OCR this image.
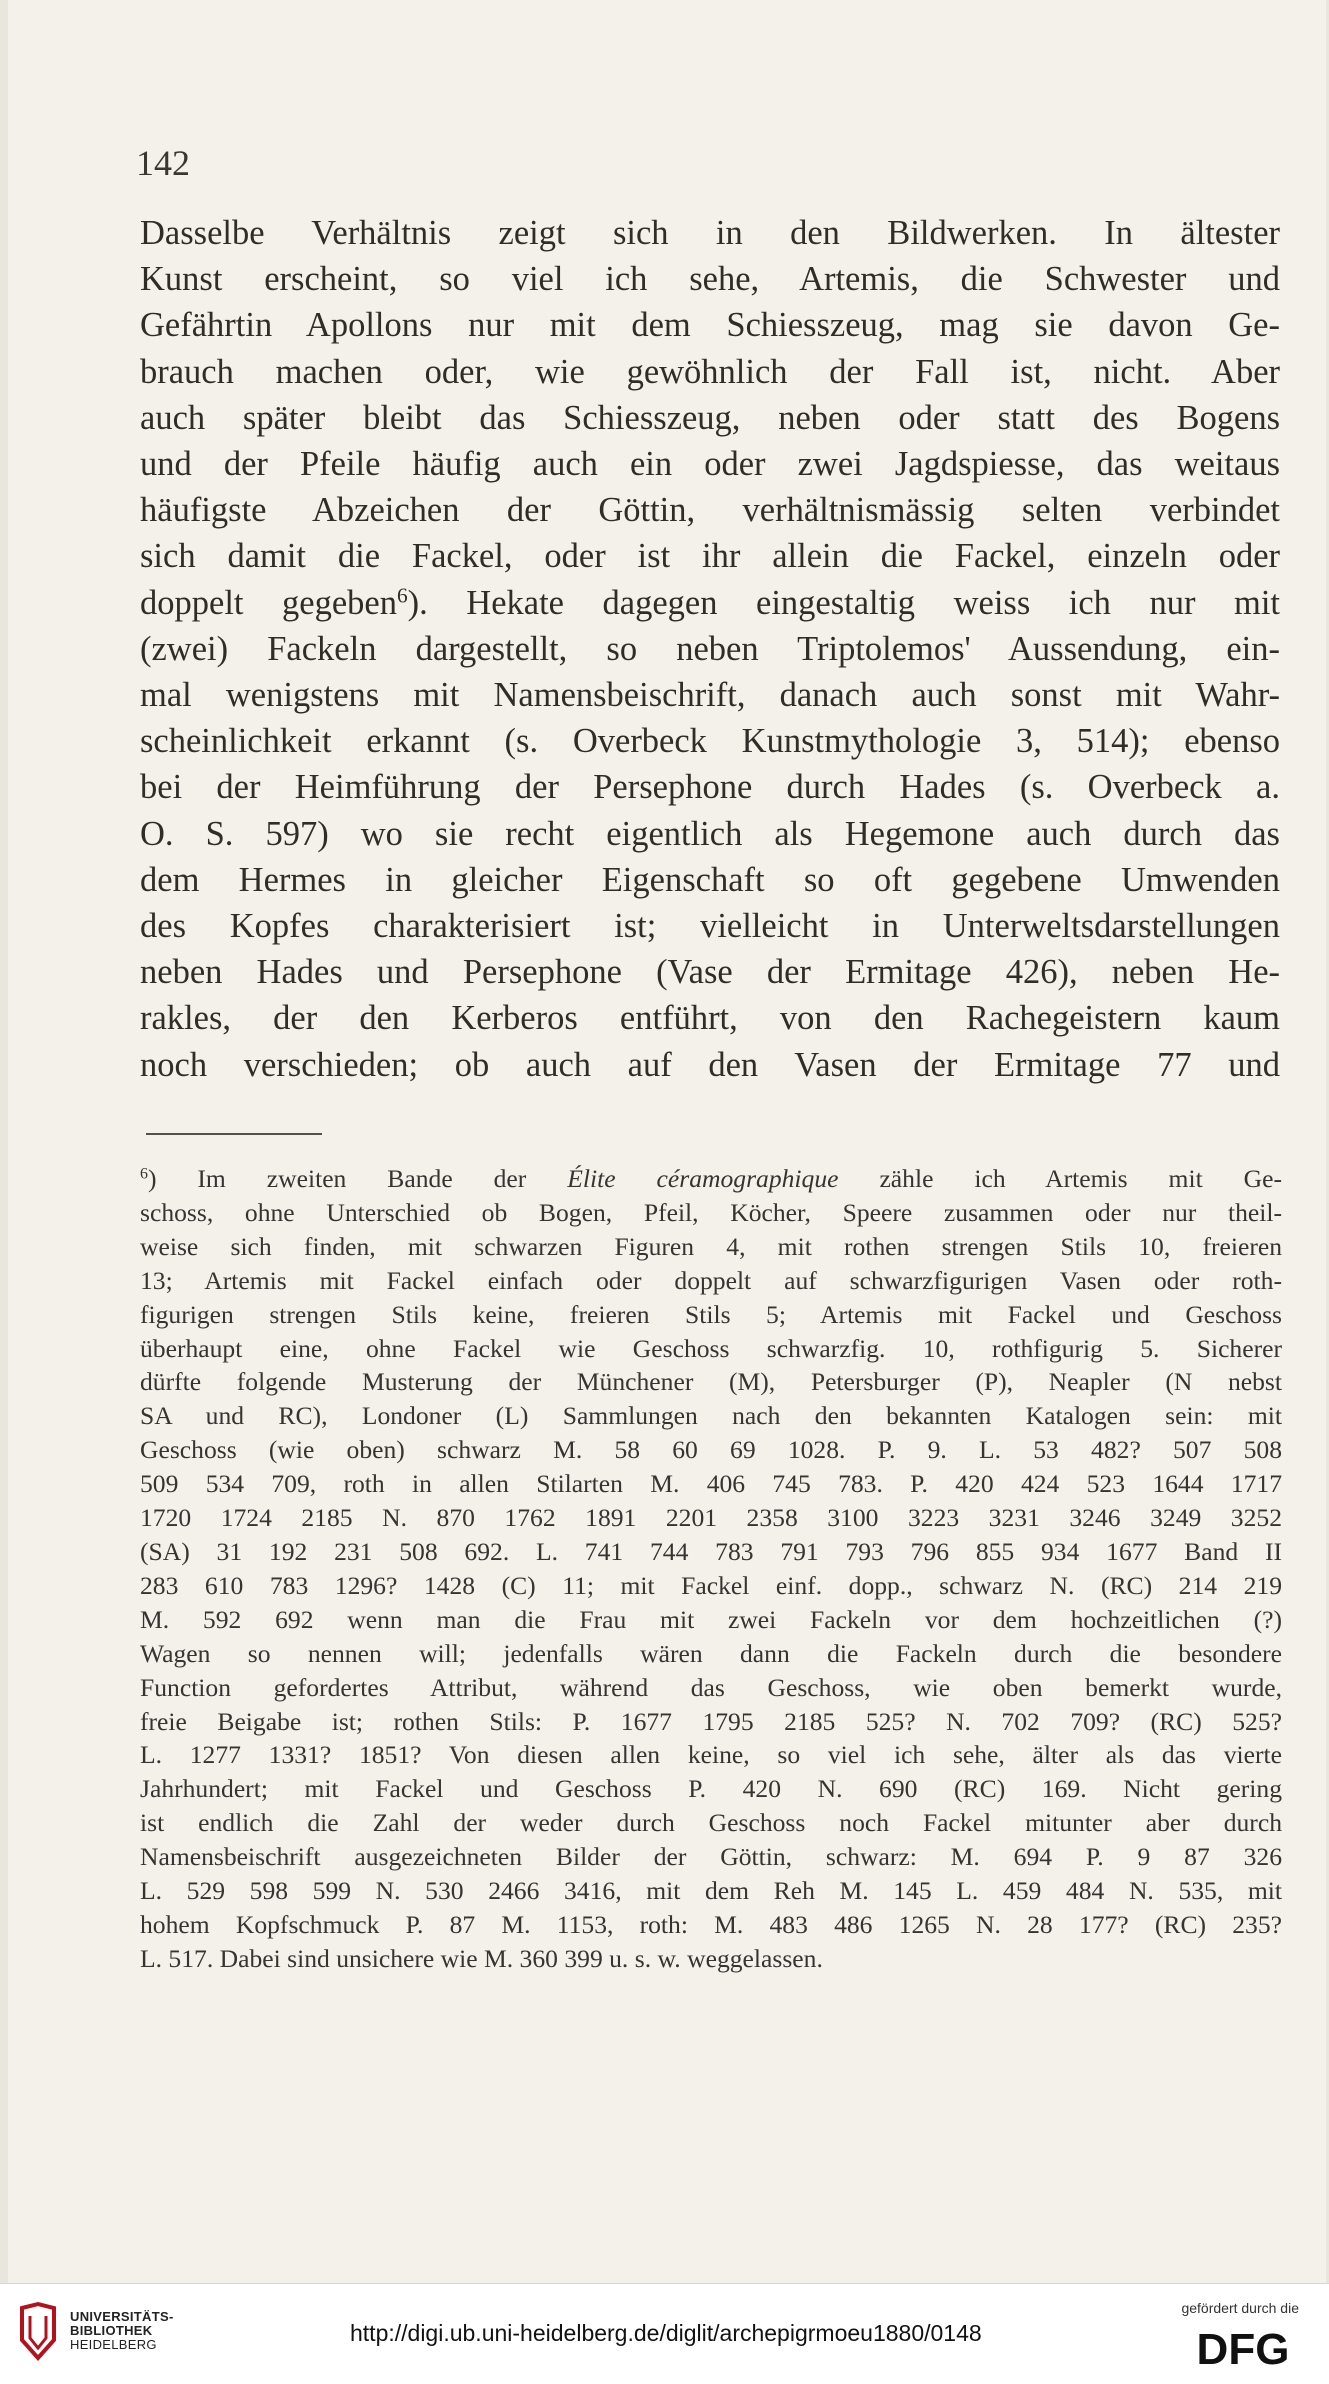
142
Dasselbe Verhältnis zeigt sich in den Bildwerken. In ältester
Kunst erscheint, so viel ich sehe, Artemis, die Schwester und
Gefährtin Apollons nur mit dem Schiesszeug, mag sie davon Ge-
brauch machen oder, wie gewöhnlich der Fall ist, nicht. Aber
auch später bleibt das Schiesszeug, neben oder statt des Bogens
und der Pfeile häufig auch ein oder zwei Jagdspiesse, das weitaus
häufigste Abzeichen der Göttin, verhältnismässig selten verbindet
sich damit die Fackel, oder ist ihr allein die Fackel, einzeln oder
doppelt gegeben$^6$). Hekate dagegen eingestaltig weiss ich nur mit
(zwei) Fackeln dargestellt, so neben Triptolemos' Aussendung, ein-
mal wenigstens mit Namensbeischrift, danach auch sonst mit Wahr-
scheinlichkeit erkannt (s. Overbeck Kunstmythologie 3, 514); ebenso
bei der Heimführung der Persephone durch Hades (s. Overbeck a.
O. S. 597) wo sie recht eigentlich als Hegemone auch durch das
dem Hermes in gleicher Eigenschaft so oft gegebene Umwenden
des Kopfes charakterisiert ist; vielleicht in Unterweltsdarstellungen
neben Hades und Persephone (Vase der Ermitage 426), neben He-
rakles, der den Kerberos entführt, von den Rachegeistern kaum
noch verschieden; ob auch auf den Vasen der Ermitage 77 und
$^6$) Im zweiten Bande der Élite céramographique zähle ich Artemis mit Ge-
schoss, ohne Unterschied ob Bogen, Pfeil, Köcher, Speere zusammen oder nur theil-
weise sich finden, mit schwarzen Figuren 4, mit rothen strengen Stils 10, freieren
13; Artemis mit Fackel einfach oder doppelt auf schwarzfigurigen Vasen oder roth-
figurigen strengen Stils keine, freieren Stils 5; Artemis mit Fackel und Geschoss
überhaupt eine, ohne Fackel wie Geschoss schwarzfig. 10, rothfigurig 5. Sicherer
dürfte folgende Musterung der Münchener (M), Petersburger (P), Neapler (N nebst
SA und RC), Londoner (L) Sammlungen nach den bekannten Katalogen sein: mit
Geschoss (wie oben) schwarz M. 58 60 69 1028. P. 9. L. 53 482? 507 508
509 534 709, roth in allen Stilarten M. 406 745 783. P. 420 424 523 1644 1717
1720 1724 2185 N. 870 1762 1891 2201 2358 3100 3223 3231 3246 3249 3252
(SA) 31 192 231 508 692. L. 741 744 783 791 793 796 855 934 1677 Band II
283 610 783 1296? 1428 (C) 11; mit Fackel einf. dopp., schwarz N. (RC) 214 219
M. 592 692 wenn man die Frau mit zwei Fackeln vor dem hochzeitlichen (?)
Wagen so nennen will; jedenfalls wären dann die Fackeln durch die besondere
Function gefordertes Attribut, während das Geschoss, wie oben bemerkt wurde,
freie Beigabe ist; rothen Stils: P. 1677 1795 2185 525? N. 702 709? (RC) 525?
L. 1277 1331? 1851? Von diesen allen keine, so viel ich sehe, älter als das vierte
Jahrhundert; mit Fackel und Geschoss P. 420 N. 690 (RC) 169. Nicht gering
ist endlich die Zahl der weder durch Geschoss noch Fackel mitunter aber durch
Namensbeischrift ausgezeichneten Bilder der Göttin, schwarz: M. 694 P. 9 87 326
L. 529 598 599 N. 530 2466 3416, mit dem Reh M. 145 L. 459 484 N. 535, mit
hohem Kopfschmuck P. 87 M. 1153, roth: M. 483 486 1265 N. 28 177? (RC) 235?
L. 517. Dabei sind unsichere wie M. 360 399 u. s. w. weggelassen.
UNIVERSITÄTS-
BIBLIOTHEK
HEIDELBERG	http://digi.ub.uni-heidelberg.de/diglit/archepigrmoeu1880/0148
gefördert durch die
DFG
